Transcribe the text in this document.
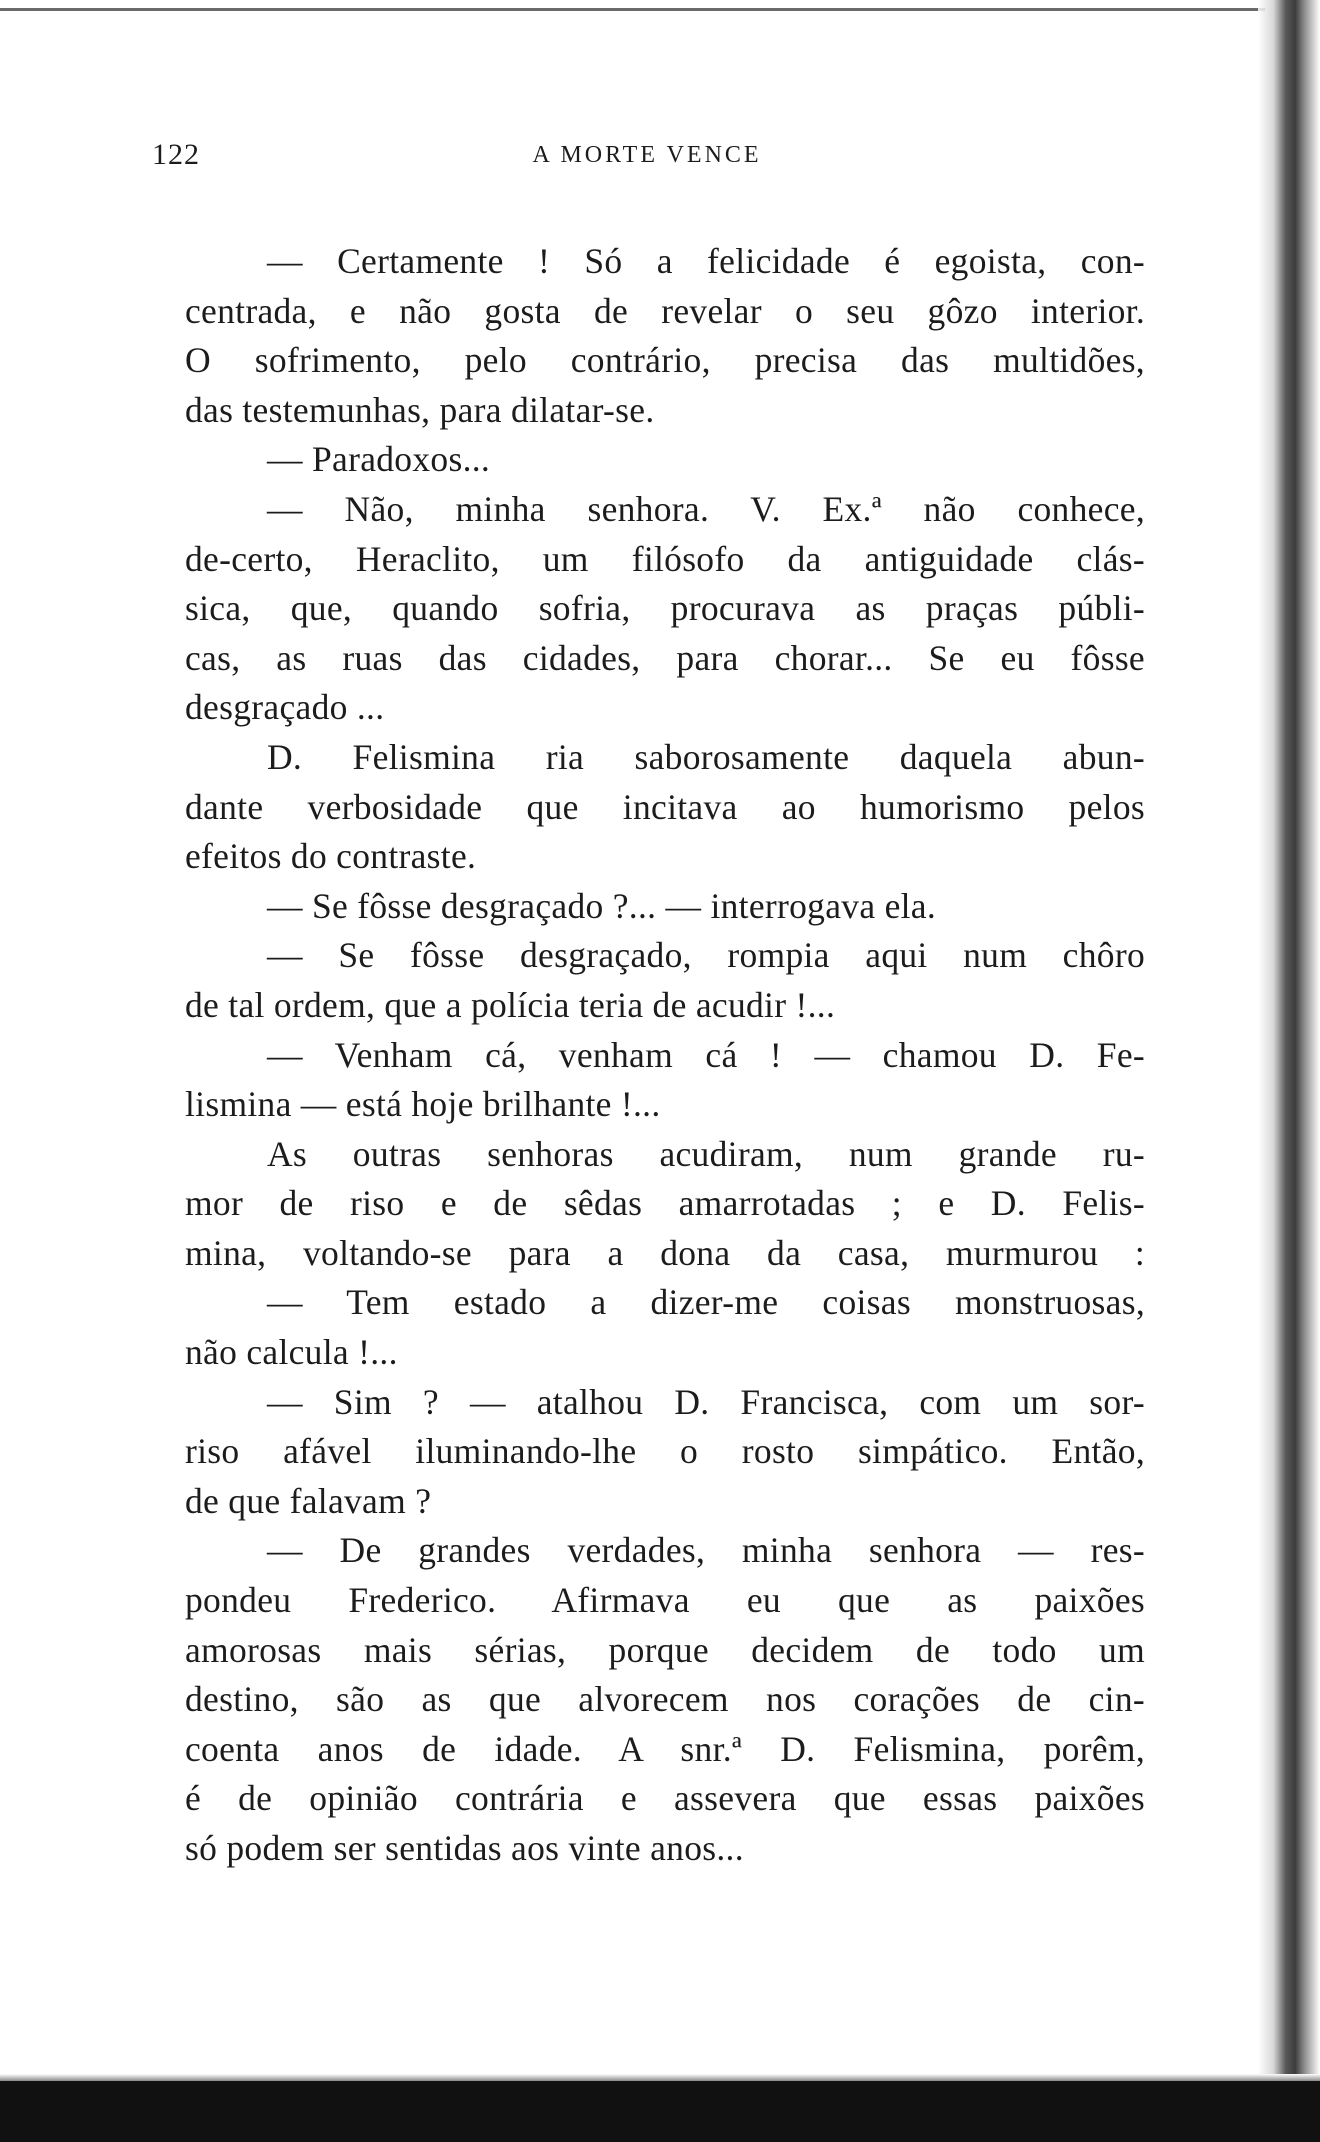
122	A MORTE VENCE
— Certamente ! Só a felicidade é egoista, con-
centrada, e não gosta de revelar o seu gôzo interior.
O sofrimento, pelo contrário, precisa das multidões,
das testemunhas, para dilatar-se.
— Paradoxos...
— Não, minha senhora. V. Ex.ª não conhece,
de-certo, Heraclito, um filósofo da antiguidade clás-
sica, que, quando sofria, procurava as praças públi-
cas, as ruas das cidades, para chorar... Se eu fôsse
desgraçado ...
D. Felismina ria saborosamente daquela abun-
dante verbosidade que incitava ao humorismo pelos
efeitos do contraste.
— Se fôsse desgraçado ?... — interrogava ela.
— Se fôsse desgraçado, rompia aqui num chôro
de tal ordem, que a polícia teria de acudir !...
— Venham cá, venham cá ! — chamou D. Fe-
lismina — está hoje brilhante !...
As outras senhoras acudiram, num grande ru-
mor de riso e de sêdas amarrotadas ; e D. Felis-
mina, voltando-se para a dona da casa, murmurou :
— Tem estado a dizer-me coisas monstruosas,
não calcula !...
— Sim ? — atalhou D. Francisca, com um sor-
riso afável iluminando-lhe o rosto simpático. Então,
de que falavam ?
— De grandes verdades, minha senhora — res-
pondeu Frederico. Afirmava eu que as paixões
amorosas mais sérias, porque decidem de todo um
destino, são as que alvorecem nos corações de cin-
coenta anos de idade. A snr.ª D. Felismina, porêm,
é de opinião contrária e assevera que essas paixões
só podem ser sentidas aos vinte anos...
